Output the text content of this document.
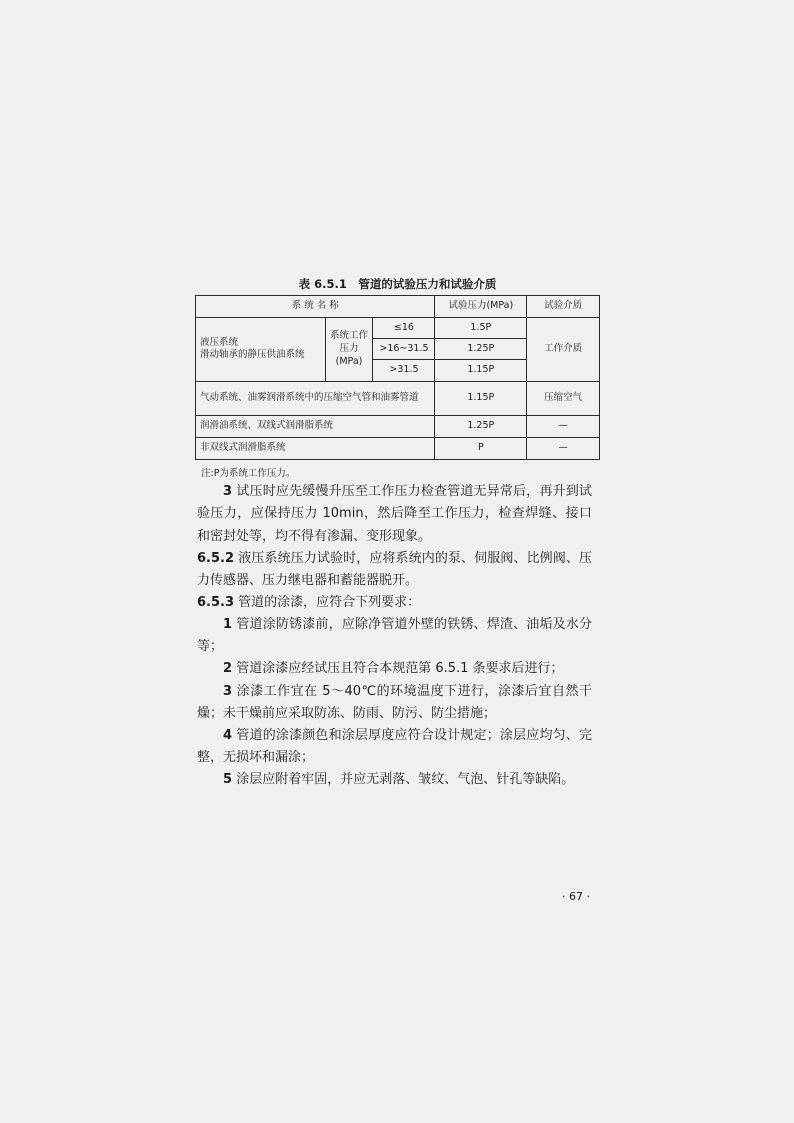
表 6.5.1　管道的试验压力和试验介质
系 统 名 称			试验压力(MPa)	试验介质
液压系统
滑动轴承的静压供油系统	系统工作压力(MPa)	≤16	1.5P	工作介质
		>16~31.5	1.25P	
		>31.5	1.15P	
气动系统、油雾润滑系统中的压缩空气管和油雾管道			1.15P	压缩空气
润滑油系统、双线式润滑脂系统			1.25P	—
非双线式润滑脂系统			P	—
注:P为系统工作压力。
3 试压时应先缓慢升压至工作压力检查管道无异常后，再升到试验压力，应保持压力 10min，然后降至工作压力，检查焊缝、接口和密封处等，均不得有渗漏、变形现象。
6.5.2 液压系统压力试验时，应将系统内的泵、伺服阀、比例阀、压力传感器、压力继电器和蓄能器脱开。
6.5.3 管道的涂漆，应符合下列要求：
1 管道涂防锈漆前，应除净管道外壁的铁锈、焊渣、油垢及水分等；
2 管道涂漆应经试压且符合本规范第 6.5.1 条要求后进行；
3 涂漆工作宜在 5～40℃的环境温度下进行，涂漆后宜自然干燥；未干燥前应采取防冻、防雨、防污、防尘措施；
4 管道的涂漆颜色和涂层厚度应符合设计规定；涂层应均匀、完整，无损坏和漏涂；
5 涂层应附着牢固，并应无剥落、皱纹、气泡、针孔等缺陷。
· 67 ·
